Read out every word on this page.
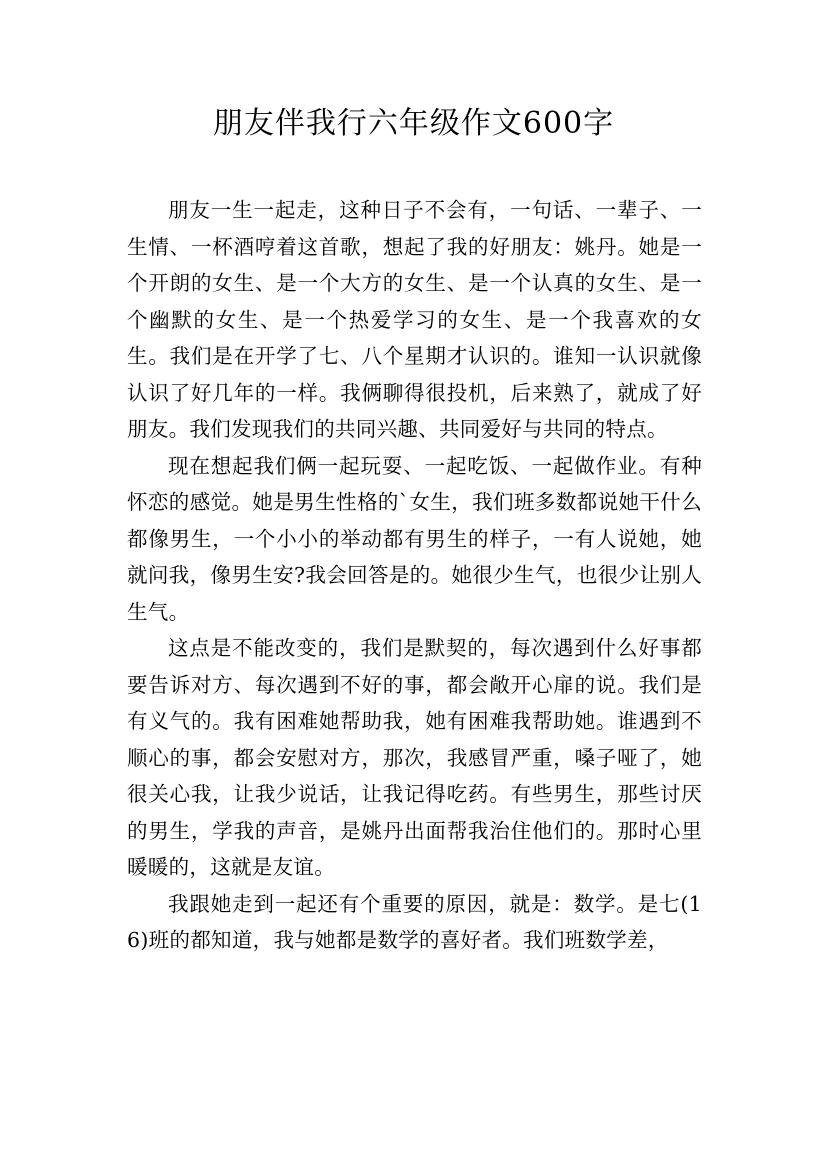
朋友伴我行六年级作文600字

朋友一生一起走，这种日子不会有，一句话、一辈子、一生情、一杯酒哼着这首歌，想起了我的好朋友：姚丹。她是一个开朗的女生、是一个大方的女生、是一个认真的女生、是一个幽默的女生、是一个热爱学习的女生、是一个我喜欢的女生。我们是在开学了七、八个星期才认识的。谁知一认识就像认识了好几年的一样。我俩聊得很投机，后来熟了，就成了好朋友。我们发现我们的共同兴趣、共同爱好与共同的特点。

现在想起我们俩一起玩耍、一起吃饭、一起做作业。有种怀恋的感觉。她是男生性格的`女生，我们班多数都说她干什么都像男生，一个小小的举动都有男生的样子，一有人说她，她就问我，像男生安?我会回答是的。她很少生气，也很少让别人生气。

这点是不能改变的，我们是默契的，每次遇到什么好事都要告诉对方、每次遇到不好的事，都会敞开心扉的说。我们是有义气的。我有困难她帮助我，她有困难我帮助她。谁遇到不顺心的事，都会安慰对方，那次，我感冒严重，嗓子哑了，她很关心我，让我少说话，让我记得吃药。有些男生，那些讨厌的男生，学我的声音，是姚丹出面帮我治住他们的。那时心里暖暖的，这就是友谊。

我跟她走到一起还有个重要的原因，就是：数学。是七(16)班的都知道，我与她都是数学的喜好者。我们班数学差，
